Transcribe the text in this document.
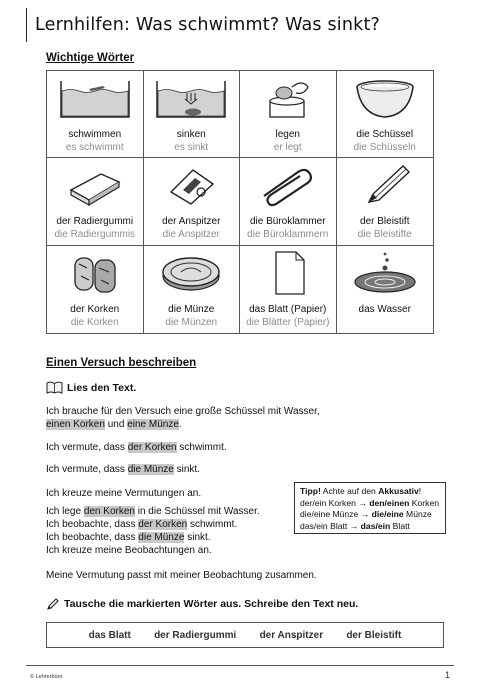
Lernhilfen: Was schwimmt? Was sinkt?
Wichtige Wörter
schwimmen
es schwimmt
sinken
es sinkt
legen
er legt
die Schüssel
die Schüsseln
der Radiergummi
die Radiergummis
der Anspitzer
die Anspitzer
die Büroklammer
die Büroklammern
der Bleistift
die Bleistifte
der Korken
die Korken
die Münze
die Münzen
das Blatt (Papier)
die Blätter (Papier)
das Wasser
Einen Versuch beschreiben
Lies den Text.
Ich brauche für den Versuch eine große Schüssel mit Wasser,
einen Korken und eine Münze.
Ich vermute, dass der Korken schwimmt.
Ich vermute, dass die Münze sinkt.
Ich kreuze meine Vermutungen an.
Ich lege den Korken in die Schüssel mit Wasser.
Ich beobachte, dass der Korken schwimmt.
Ich beobachte, dass die Münze sinkt.
Ich kreuze meine Beobachtungen an.
Meine Vermutung passt mit meiner Beobachtung zusammen.
Tipp! Achte auf den Akkusativ!
der/ein Korken → den/einen Korken
die/eine Münze → die/eine Münze
das/ein Blatt → das/ein Blatt
Tausche die markierten Wörter aus. Schreibe den Text neu.
das Blatt der Radiergummi der Anspitzer der Bleistift
© Lehrerbüro	1
